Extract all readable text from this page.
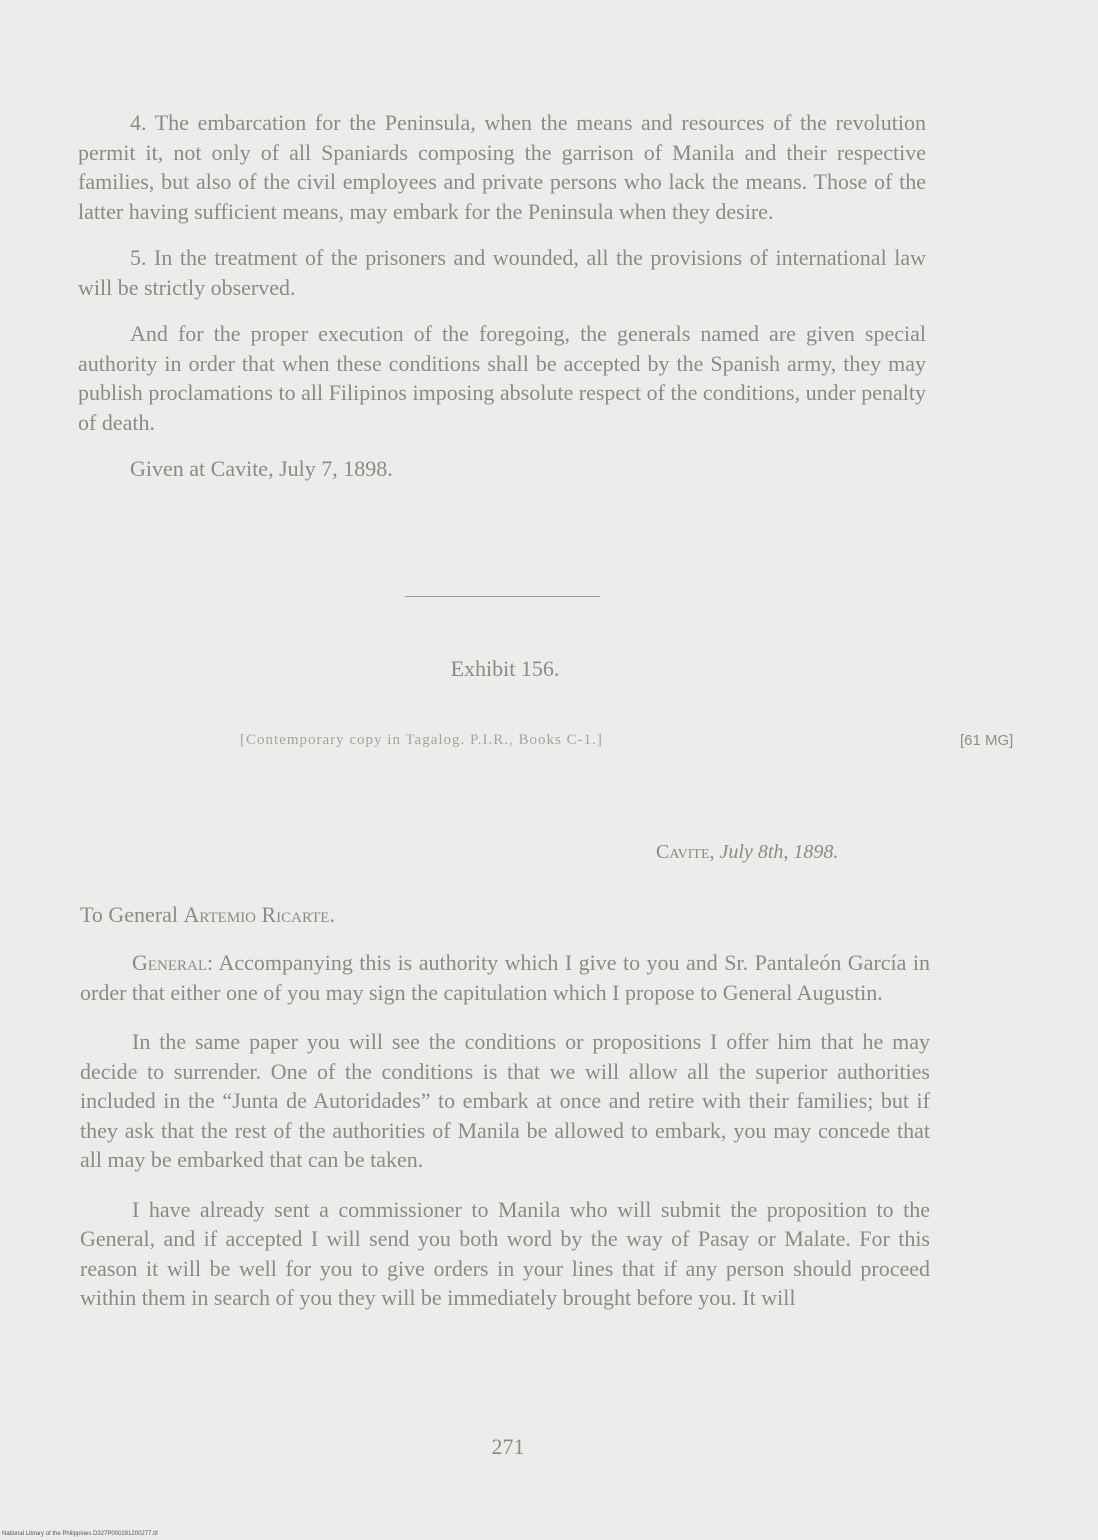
4. The embarcation for the Peninsula, when the means and resources of the revolution permit it, not only of all Spaniards composing the garrison of Manila and their respective families, but also of the civil employees and private persons who lack the means. Those of the latter having sufficient means, may embark for the Peninsula when they desire.

5. In the treatment of the prisoners and wounded, all the provisions of international law will be strictly observed.

And for the proper execution of the foregoing, the generals named are given special authority in order that when these conditions shall be accepted by the Spanish army, they may publish proclamations to all Filipinos imposing absolute respect of the conditions, under penalty of death.

Given at Cavite, July 7, 1898.

Exhibit 156.
[Contemporary copy in Tagalog. P.I.R., Books C-1.]	[61 MG]
Cavite, July 8th, 1898.
To General Artemio Ricarte.

General: Accompanying this is authority which I give to you and Sr. Pantaleón García in order that either one of you may sign the capitulation which I propose to General Augustin.

In the same paper you will see the conditions or propositions I offer him that he may decide to surrender. One of the conditions is that we will allow all the superior authorities included in the “Junta de Autoridades” to embark at once and retire with their families; but if they ask that the rest of the authorities of Manila be allowed to embark, you may concede that all may be embarked that can be taken.

I have already sent a commissioner to Manila who will submit the proposition to the General, and if accepted I will send you both word by the way of Pasay or Malate. For this reason it will be well for you to give orders in your lines that if any person should proceed within them in search of you they will be immediately brought before you. It will

271
National Library of the Philippines D327P000281200277.tif
